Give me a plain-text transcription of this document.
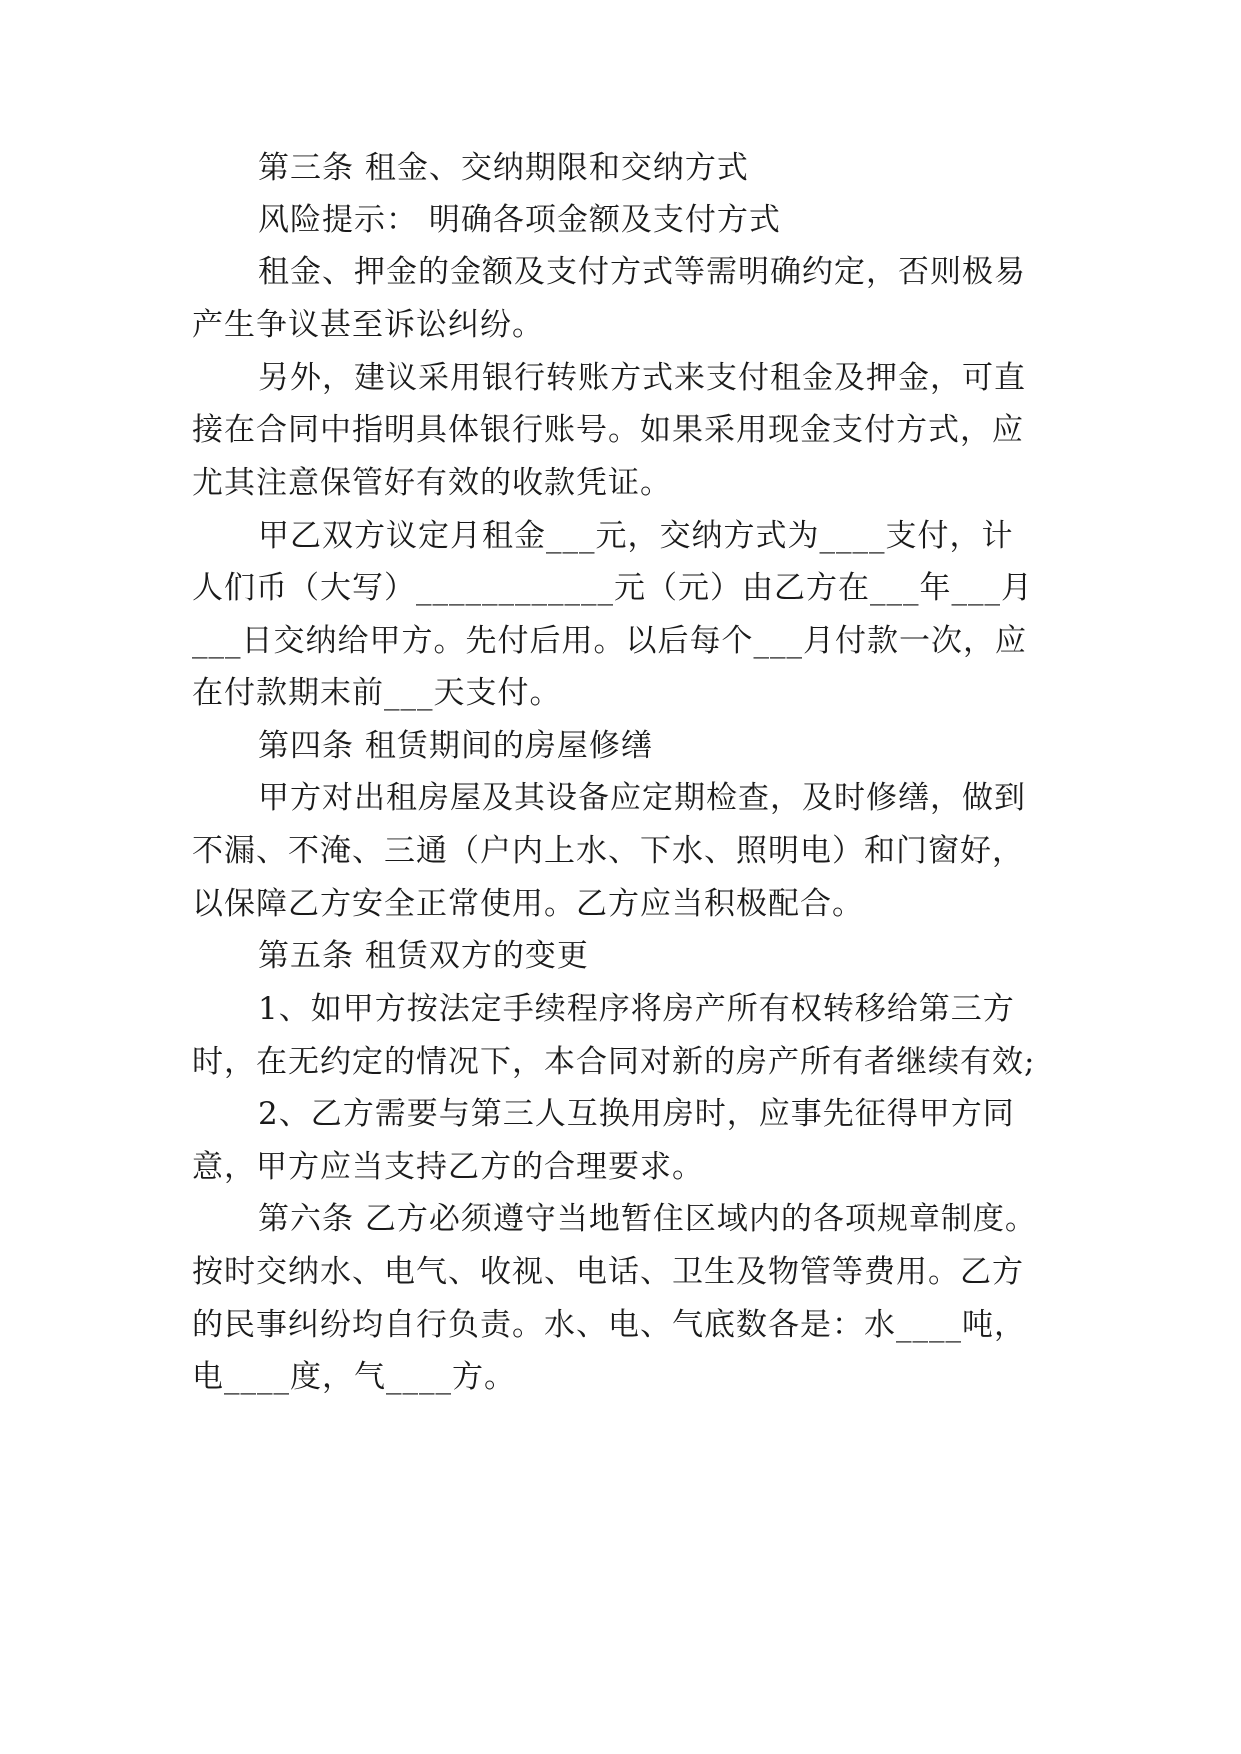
第三条 租金、交纳期限和交纳方式
风险提示： 明确各项金额及支付方式
租金、押金的金额及支付方式等需明确约定，否则极易
产生争议甚至诉讼纠纷。
另外，建议采用银行转账方式来支付租金及押金，可直
接在合同中指明具体银行账号。如果采用现金支付方式，应
尤其注意保管好有效的收款凭证。
甲乙双方议定月租金___元，交纳方式为____支付，计
人们币（大写）____________元（元）由乙方在___年___月
___日交纳给甲方。先付后用。以后每个___月付款一次，应
在付款期末前___天支付。
第四条 租赁期间的房屋修缮
甲方对出租房屋及其设备应定期检查，及时修缮，做到
不漏、不淹、三通（户内上水、下水、照明电）和门窗好，
以保障乙方安全正常使用。乙方应当积极配合。
第五条 租赁双方的变更
1、如甲方按法定手续程序将房产所有权转移给第三方
时，在无约定的情况下，本合同对新的房产所有者继续有效;
2、乙方需要与第三人互换用房时，应事先征得甲方同
意，甲方应当支持乙方的合理要求。
第六条 乙方必须遵守当地暂住区域内的各项规章制度。
按时交纳水、电气、收视、电话、卫生及物管等费用。乙方
的民事纠纷均自行负责。水、电、气底数各是：水____吨，
电____度，气____方。
